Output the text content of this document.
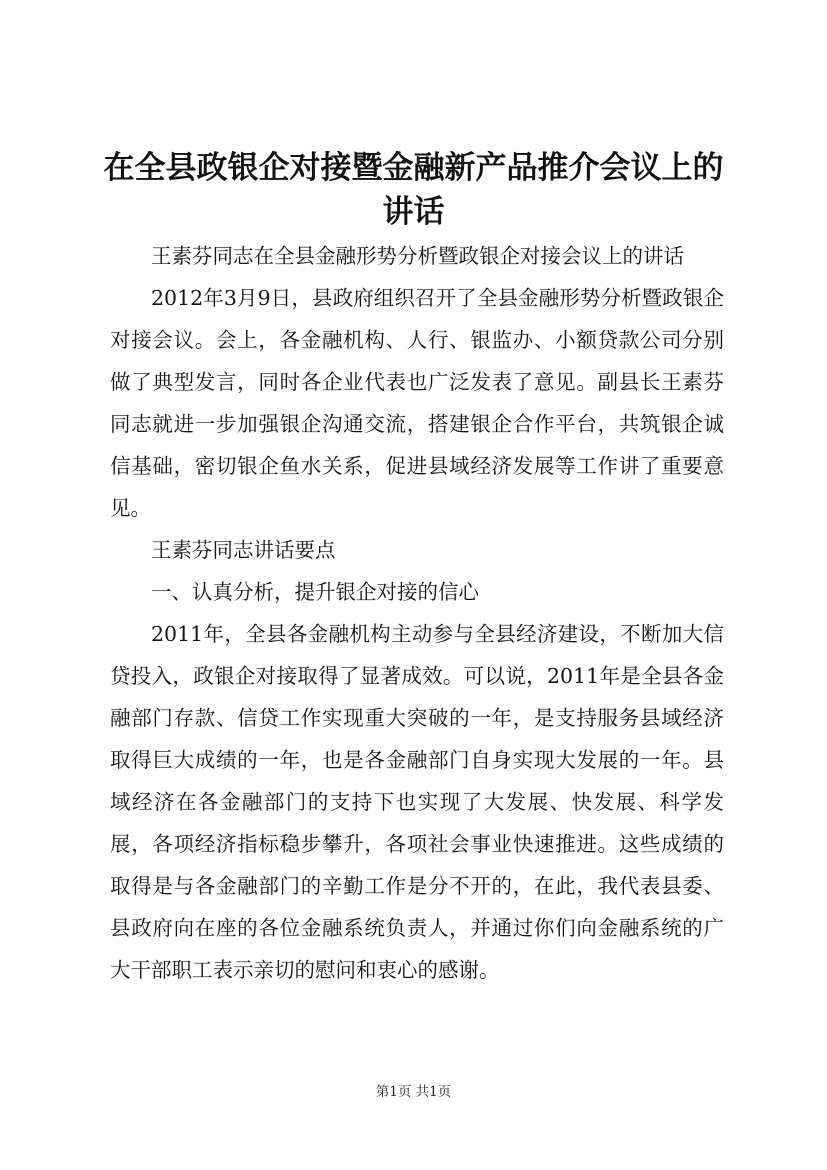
在全县政银企对接暨金融新产品推介会议上的讲话

王素芬同志在全县金融形势分析暨政银企对接会议上的讲话

2012年3月9日，县政府组织召开了全县金融形势分析暨政银企对接会议。会上，各金融机构、人行、银监办、小额贷款公司分别做了典型发言，同时各企业代表也广泛发表了意见。副县长王素芬同志就进一步加强银企沟通交流，搭建银企合作平台，共筑银企诚信基础，密切银企鱼水关系，促进县域经济发展等工作讲了重要意见。

王素芬同志讲话要点

一、认真分析，提升银企对接的信心

2011年，全县各金融机构主动参与全县经济建设，不断加大信贷投入，政银企对接取得了显著成效。可以说，2011年是全县各金融部门存款、信贷工作实现重大突破的一年，是支持服务县域经济取得巨大成绩的一年，也是各金融部门自身实现大发展的一年。县域经济在各金融部门的支持下也实现了大发展、快发展、科学发展，各项经济指标稳步攀升，各项社会事业快速推进。这些成绩的取得是与各金融部门的辛勤工作是分不开的，在此，我代表县委、县政府向在座的各位金融系统负责人，并通过你们向金融系统的广大干部职工表示亲切的慰问和衷心的感谢。

第1页 共1页
